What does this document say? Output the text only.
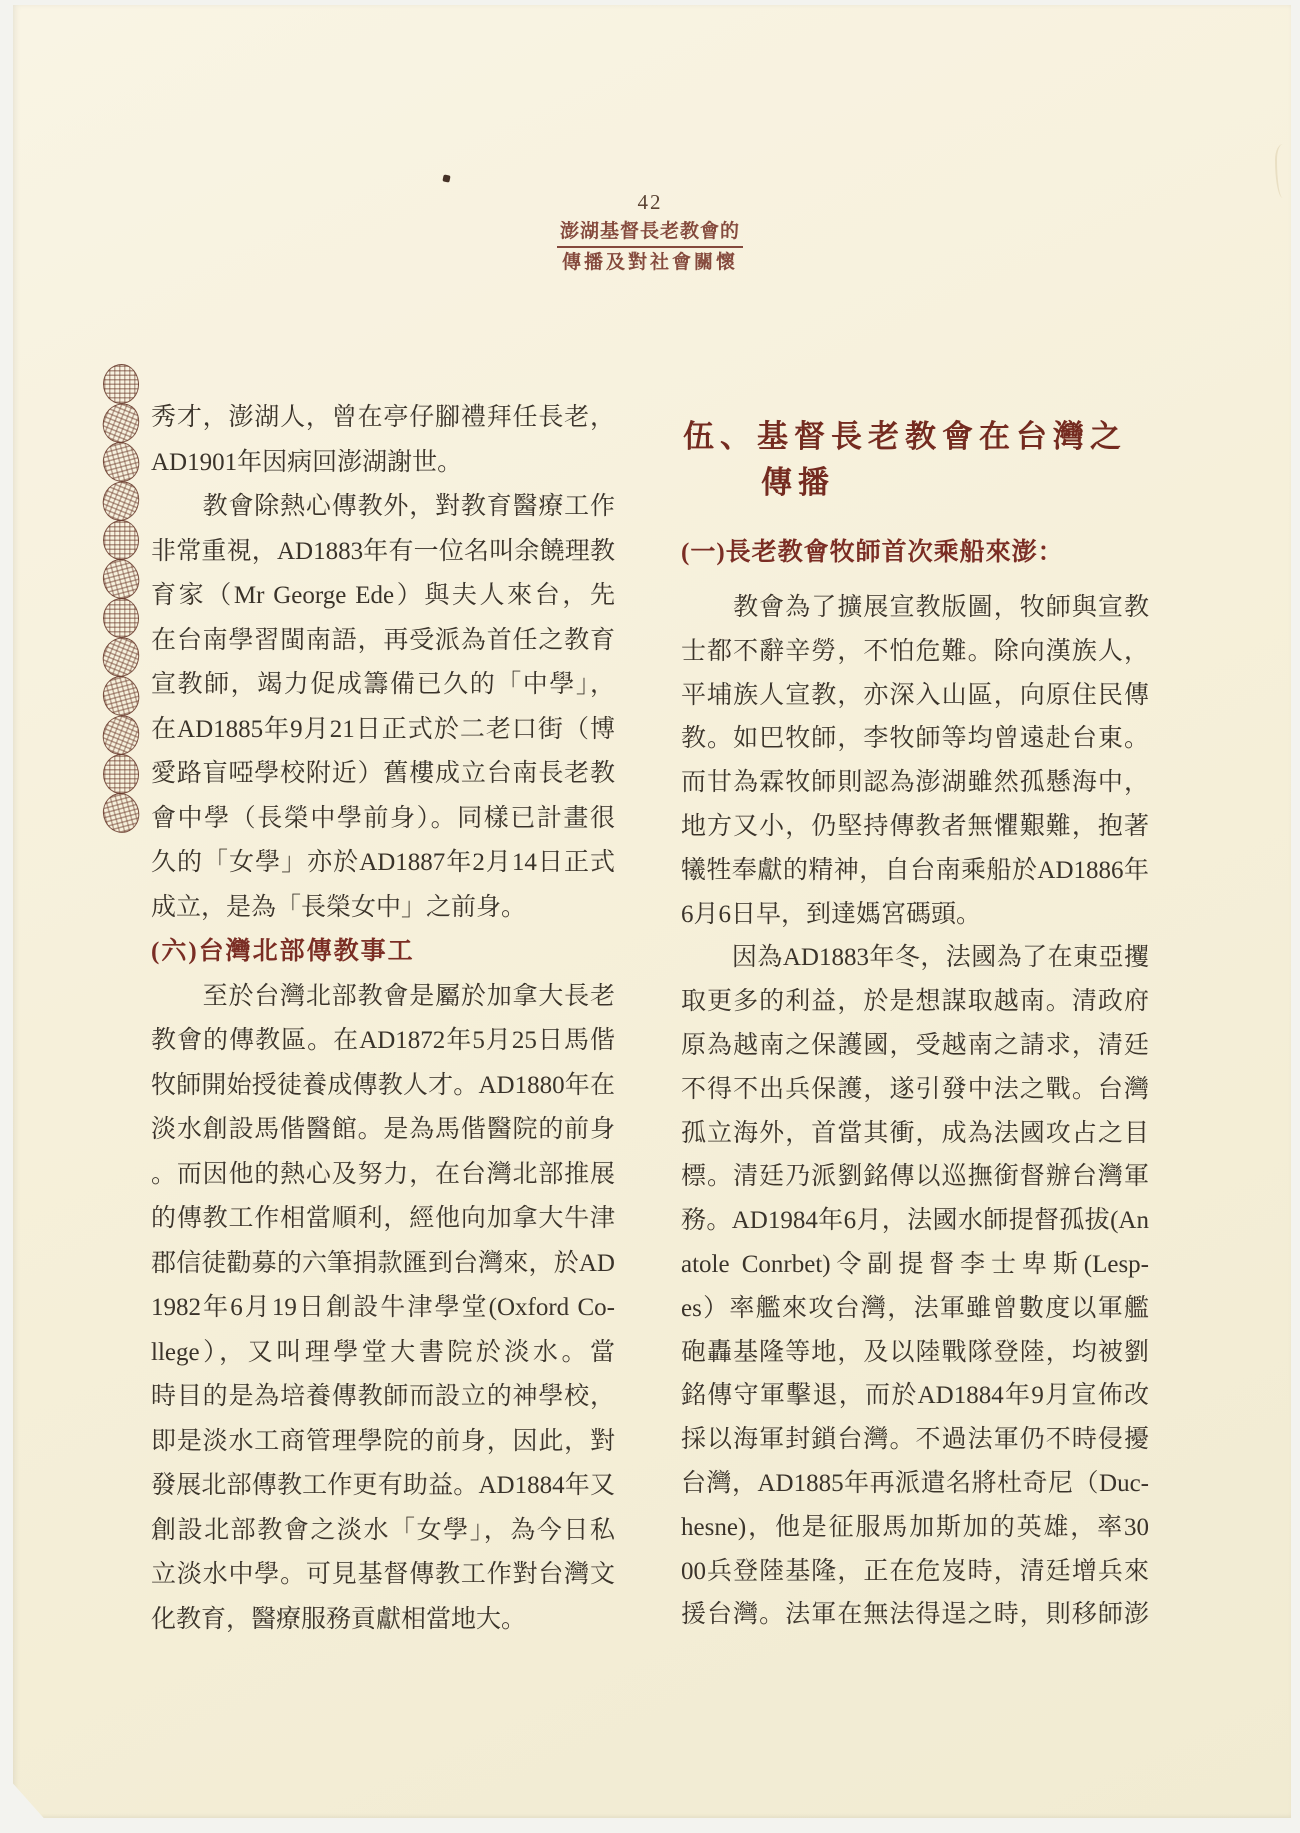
42
澎湖基督長老教會的
傳播及對社會關懷
秀才，澎湖人，曾在亭仔腳禮拜任長老，
AD1901年因病回澎湖謝世。
　　教會除熱心傳教外，對教育醫療工作
非常重視，AD1883年有一位名叫余饒理教
育家（Mr George Ede）與夫人來台，先
在台南學習閩南語，再受派為首任之教育
宣教師，竭力促成籌備已久的「中學」，
在AD1885年9月21日正式於二老口街（博
愛路盲啞學校附近）舊樓成立台南長老教
會中學（長榮中學前身）。同樣已計畫很
久的「女學」亦於AD1887年2月14日正式
成立，是為「長榮女中」之前身。
(六)台灣北部傳教事工
　　至於台灣北部教會是屬於加拿大長老
教會的傳教區。在AD1872年5月25日馬偕
牧師開始授徒養成傳教人才。AD1880年在
淡水創設馬偕醫館。是為馬偕醫院的前身
。而因他的熱心及努力，在台灣北部推展
的傳教工作相當順利，經他向加拿大牛津
郡信徒勸募的六筆捐款匯到台灣來，於AD
1982年6月19日創設牛津學堂(Oxford Co-
llege），又叫理學堂大書院於淡水。當
時目的是為培養傳教師而設立的神學校，
即是淡水工商管理學院的前身，因此，對
發展北部傳教工作更有助益。AD1884年又
創設北部教會之淡水「女學」，為今日私
立淡水中學。可見基督傳教工作對台灣文
化教育，醫療服務貢獻相當地大。
伍、基督長老教會在台灣之
傳播
(一)長老教會牧師首次乘船來澎：
　　教會為了擴展宣教版圖，牧師與宣教
士都不辭辛勞，不怕危難。除向漢族人，
平埔族人宣教，亦深入山區，向原住民傳
教。如巴牧師，李牧師等均曾遠赴台東。
而甘為霖牧師則認為澎湖雖然孤懸海中，
地方又小，仍堅持傳教者無懼艱難，抱著
犧牲奉獻的精神，自台南乘船於AD1886年
6月6日早，到達媽宮碼頭。
　　因為AD1883年冬，法國為了在東亞攫
取更多的利益，於是想謀取越南。清政府
原為越南之保護國，受越南之請求，清廷
不得不出兵保護，遂引發中法之戰。台灣
孤立海外，首當其衝，成為法國攻占之目
標。清廷乃派劉銘傳以巡撫銜督辦台灣軍
務。AD1984年6月，法國水師提督孤拔(An
atole Conrbet)令副提督李士卑斯(Lesp-
es）率艦來攻台灣，法軍雖曾數度以軍艦
砲轟基隆等地，及以陸戰隊登陸，均被劉
銘傳守軍擊退，而於AD1884年9月宣佈改
採以海軍封鎖台灣。不過法軍仍不時侵擾
台灣，AD1885年再派遣名將杜奇尼（Duc-
hesne)，他是征服馬加斯加的英雄，率30
00兵登陸基隆，正在危岌時，清廷增兵來
援台灣。法軍在無法得逞之時，則移師澎
